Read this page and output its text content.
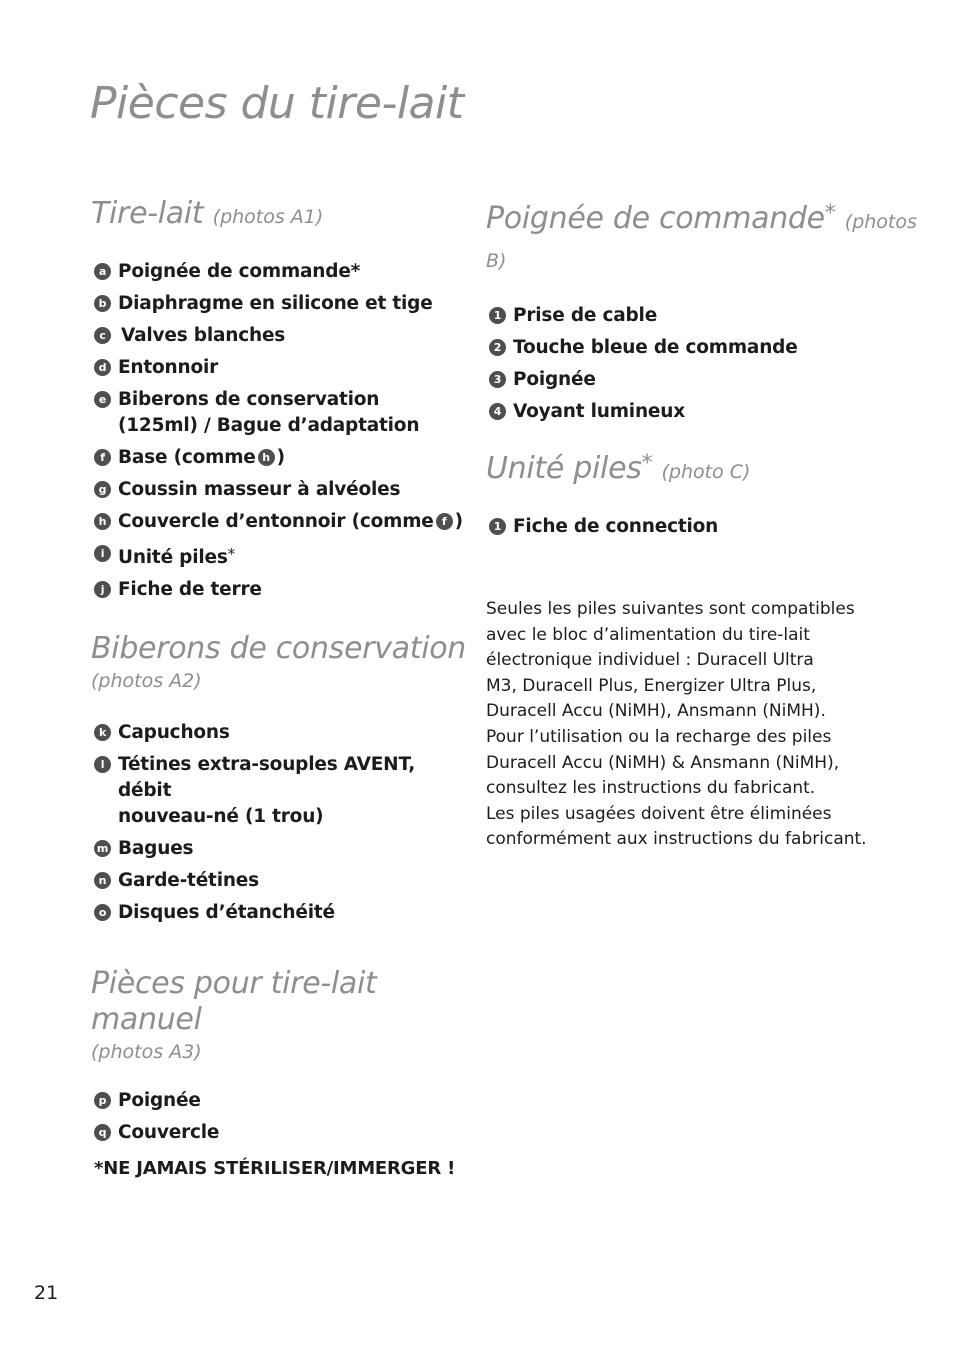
Pièces du tire-lait
Tire-lait (photos A1)
a Poignée de commande*
b Diaphragme en silicone et tige
c Valves blanches
d Entonnoir
e Biberons de conservation
(125ml) / Bague d’adaptation
f Base (comme h )
g Coussin masseur à alvéoles
h Couvercle d’entonnoir (comme f )
i Unité piles*
j Fiche de terre
Biberons de conservation
(photos A2)
k Capuchons
l Tétines extra-souples AVENT, débit
nouveau-né (1 trou)
m Bagues
n Garde-tétines
o Disques d’étanchéité
Pièces pour tire-lait manuel
(photos A3)
p Poignée
q Couvercle
Poignée de commande* (photos B)
1 Prise de cable
2 Touche bleue de commande
3 Poignée
4 Voyant lumineux
Unité piles* (photo C)
1 Fiche de connection

Seules les piles suivantes sont compatibles
avec le bloc d’alimentation du tire-lait
électronique individuel : Duracell Ultra
M3, Duracell Plus, Energizer Ultra Plus,
Duracell Accu (NiMH), Ansmann (NiMH).
Pour l’utilisation ou la recharge des piles
Duracell Accu (NiMH) & Ansmann (NiMH),
consultez les instructions du fabricant.
Les piles usagées doivent être éliminées
conformément aux instructions du fabricant.

*NE JAMAIS STÉRILISER/IMMERGER !

21
